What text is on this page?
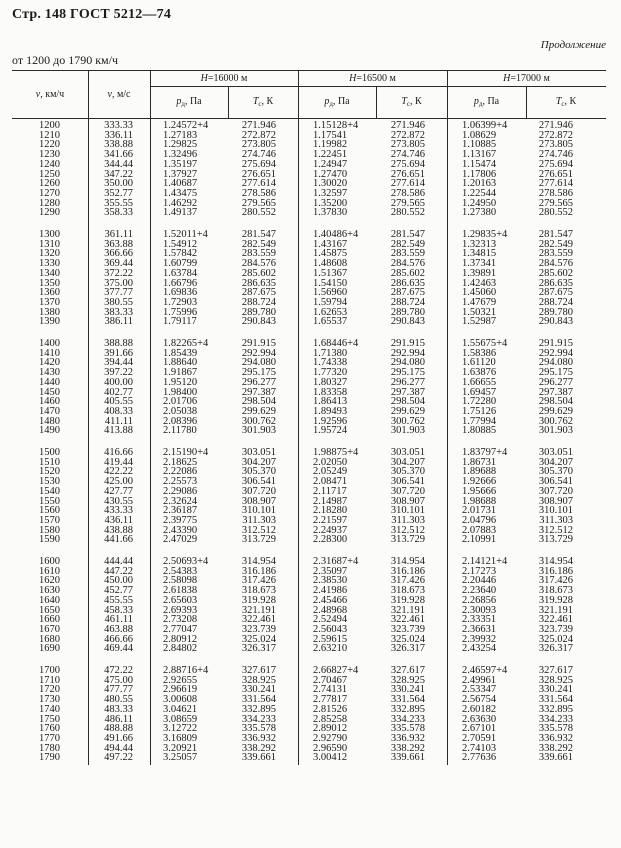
Стр. 148 ГОСТ 5212—74
Продолжение
от 1200 до 1790 км/ч
v, км/ч	v, м/с
H=16000 м	H=16500 м	H=17000 м
$p_д$, Па	$T_c$, К	$p_д$, Па	$T_c$, К	$p_д$, Па	$T_c$, К
1200	333.33	1.24572+4	271.946	1.15128+4	271.946	1.06399+4	271.946
1210	336.11	1.27183	272.872	1.17541	272.872	1.08629	272.872
1220	338.88	1.29825	273.805	1.19982	273.805	1.10885	273.805
1230	341.66	1.32496	274.746	1.22451	274.746	1.13167	274.746
1240	344.44	1.35197	275.694	1.24947	275.694	1.15474	275.694
1250	347.22	1.37927	276.651	1.27470	276.651	1.17806	276.651
1260	350.00	1.40687	277.614	1.30020	277.614	1.20163	277.614
1270	352.77	1.43475	278.586	1.32597	278.586	1.22544	278.586
1280	355.55	1.46292	279.565	1.35200	279.565	1.24950	279.565
1290	358.33	1.49137	280.552	1.37830	280.552	1.27380	280.552
1300	361.11	1.52011+4	281.547	1.40486+4	281.547	1.29835+4	281.547
1310	363.88	1.54912	282.549	1.43167	282.549	1.32313	282.549
1320	366.66	1.57842	283.559	1.45875	283.559	1.34815	283.559
1330	369.44	1.60799	284.576	1.48608	284.576	1.37341	284.576
1340	372.22	1.63784	285.602	1.51367	285.602	1.39891	285.602
1350	375.00	1.66796	286.635	1.54150	286.635	1.42463	286.635
1360	377.77	1.69836	287.675	1.56960	287.675	1.45060	287.675
1370	380.55	1.72903	288.724	1.59794	288.724	1.47679	288.724
1380	383.33	1.75996	289.780	1.62653	289.780	1.50321	289.780
1390	386.11	1.79117	290.843	1.65537	290.843	1.52987	290.843
1400	388.88	1.82265+4	291.915	1.68446+4	291.915	1.55675+4	291.915
1410	391.66	1.85439	292.994	1.71380	292.994	1.58386	292.994
1420	394.44	1.88640	294.080	1.74338	294.080	1.61120	294.080
1430	397.22	1.91867	295.175	1.77320	295.175	1.63876	295.175
1440	400.00	1.95120	296.277	1.80327	296.277	1.66655	296.277
1450	402.77	1.98400	297.387	1.83358	297.387	1.69457	297.387
1460	405.55	2.01706	298.504	1.86413	298.504	1.72280	298.504
1470	408.33	2.05038	299.629	1.89493	299.629	1.75126	299.629
1480	411.11	2.08396	300.762	1.92596	300.762	1.77994	300.762
1490	413.88	2.11780	301.903	1.95724	301.903	1.80885	301.903
1500	416.66	2.15190+4	303.051	1.98875+4	303.051	1.83797+4	303.051
1510	419.44	2.18625	304.207	2.02050	304.207	1.86731	304.207
1520	422.22	2.22086	305.370	2.05249	305.370	1.89688	305.370
1530	425.00	2.25573	306.541	2.08471	306.541	1.92666	306.541
1540	427.77	2.29086	307.720	2.11717	307.720	1.95666	307.720
1550	430.55	2.32624	308.907	2.14987	308.907	1.98688	308.907
1560	433.33	2.36187	310.101	2.18280	310.101	2.01731	310.101
1570	436.11	2.39775	311.303	2.21597	311.303	2.04796	311.303
1580	438.88	2.43390	312.512	2.24937	312.512	2.07883	312.512
1590	441.66	2.47029	313.729	2.28300	313.729	2.10991	313.729
1600	444.44	2.50693+4	314.954	2.31687+4	314.954	2.14121+4	314.954
1610	447.22	2.54383	316.186	2.35097	316.186	2.17273	316.186
1620	450.00	2.58098	317.426	2.38530	317.426	2.20446	317.426
1630	452.77	2.61838	318.673	2.41986	318.673	2.23640	318.673
1640	455.55	2.65603	319.928	2.45466	319.928	2.26856	319.928
1650	458.33	2.69393	321.191	2.48968	321.191	2.30093	321.191
1660	461.11	2.73208	322.461	2.52494	322.461	2.33351	322.461
1670	463.88	2.77047	323.739	2.56043	323.739	2.36631	323.739
1680	466.66	2.80912	325.024	2.59615	325.024	2.39932	325.024
1690	469.44	2.84802	326.317	2.63210	326.317	2.43254	326.317
1700	472.22	2.88716+4	327.617	2.66827+4	327.617	2.46597+4	327.617
1710	475.00	2.92655	328.925	2.70467	328.925	2.49961	328.925
1720	477.77	2.96619	330.241	2.74131	330.241	2.53347	330.241
1730	480.55	3.00608	331.564	2.77817	331.564	2.56754	331.564
1740	483.33	3.04621	332.895	2.81526	332.895	2.60182	332.895
1750	486.11	3.08659	334.233	2.85258	334.233	2.63630	334.233
1760	488.88	3.12722	335.578	2.89012	335.578	2.67101	335.578
1770	491.66	3.16809	336.932	2.92790	336.932	2.70591	336.932
1780	494.44	3.20921	338.292	2.96590	338.292	2.74103	338.292
1790	497.22	3.25057	339.661	3.00412	339.661	2.77636	339.661
